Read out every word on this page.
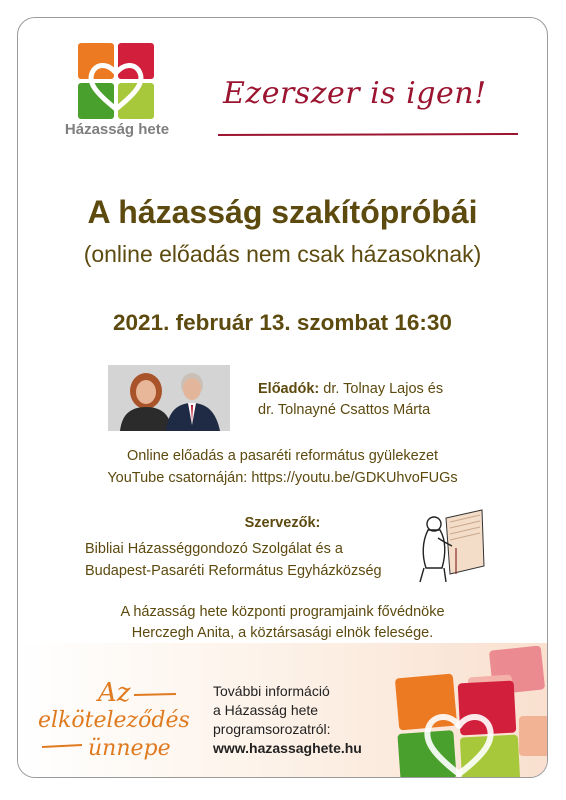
Házasság hete
Ezerszer is igen!
A házasság szakítópróbái
(online előadás nem csak házasoknak)
2021. február 13. szombat 16:30
Előadók: dr. Tolnay Lajos és
dr. Tolnayné Csattos Márta
Online előadás a pasaréti református gyülekezet
YouTube csatornáján: https://youtu.be/GDKUhvoFUGs
Szervezők:
Bibliai Házasséggondozó Szolgálat és a
Budapest-Pasaréti Református Egyházközség
A házasság hete központi programjaink fővédnöke
Herczegh Anita, a köztársasági elnök felesége.
Az
elköteleződés
ünnepe
További információ
a Házasság hete
programsorozatról:
www.hazassaghete.hu
